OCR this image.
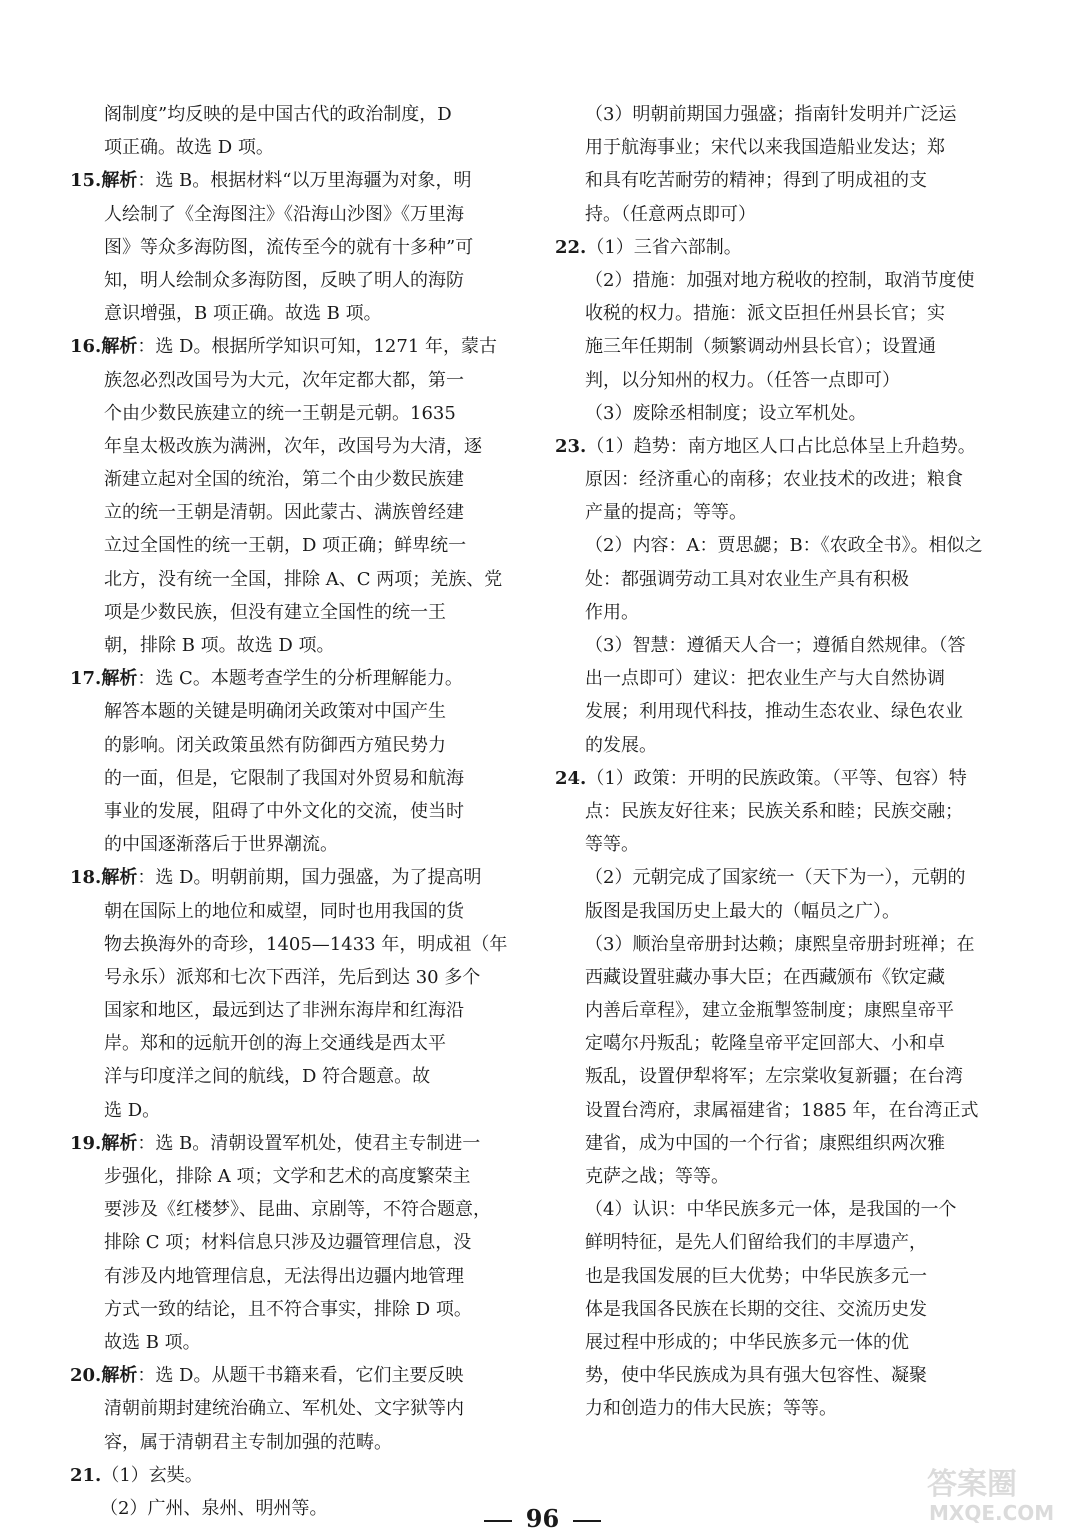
阁制度”均反映的是中国古代的政治制度，D
项正确。故选 D 项。
15.解析：选 B。根据材料“以万里海疆为对象，明
人绘制了《全海图注》《沿海山沙图》《万里海
图》等众多海防图，流传至今的就有十多种”可
知，明人绘制众多海防图，反映了明人的海防
意识增强，B 项正确。故选 B 项。
16.解析：选 D。根据所学知识可知，1271 年，蒙古
族忽必烈改国号为大元，次年定都大都，第一
个由少数民族建立的统一王朝是元朝。1635
年皇太极改族为满洲，次年，改国号为大清，逐
渐建立起对全国的统治，第二个由少数民族建
立的统一王朝是清朝。因此蒙古、满族曾经建
立过全国性的统一王朝，D 项正确；鲜卑统一
北方，没有统一全国，排除 A、C 两项；羌族、党
项是少数民族，但没有建立全国性的统一王
朝，排除 B 项。故选 D 项。
17.解析：选 C。本题考查学生的分析理解能力。
解答本题的关键是明确闭关政策对中国产生
的影响。闭关政策虽然有防御西方殖民势力
的一面，但是，它限制了我国对外贸易和航海
事业的发展，阻碍了中外文化的交流，使当时
的中国逐渐落后于世界潮流。
18.解析：选 D。明朝前期，国力强盛，为了提高明
朝在国际上的地位和威望，同时也用我国的货
物去换海外的奇珍，1405—1433 年，明成祖（年
号永乐）派郑和七次下西洋，先后到达 30 多个
国家和地区，最远到达了非洲东海岸和红海沿
岸。郑和的远航开创的海上交通线是西太平
洋与印度洋之间的航线，D 符合题意。故
选 D。
19.解析：选 B。清朝设置军机处，使君主专制进一
步强化，排除 A 项；文学和艺术的高度繁荣主
要涉及《红楼梦》、昆曲、京剧等，不符合题意，
排除 C 项；材料信息只涉及边疆管理信息，没
有涉及内地管理信息，无法得出边疆内地管理
方式一致的结论，且不符合事实，排除 D 项。
故选 B 项。
20.解析：选 D。从题干书籍来看，它们主要反映
清朝前期封建统治确立、军机处、文字狱等内
容，属于清朝君主专制加强的范畴。
21.（1）玄奘。
（2）广州、泉州、明州等。
（3）明朝前期国力强盛；指南针发明并广泛运
用于航海事业；宋代以来我国造船业发达；郑
和具有吃苦耐劳的精神；得到了明成祖的支
持。（任意两点即可）
22.（1）三省六部制。
（2）措施：加强对地方税收的控制，取消节度使
收税的权力。措施：派文臣担任州县长官；实
施三年任期制（频繁调动州县长官）；设置通
判，以分知州的权力。（任答一点即可）
（3）废除丞相制度；设立军机处。
23.（1）趋势：南方地区人口占比总体呈上升趋势。
原因：经济重心的南移；农业技术的改进；粮食
产量的提高；等等。
（2）内容：A：贾思勰；B：《农政全书》。相似之
处：都强调劳动工具对农业生产具有积极
作用。
（3）智慧：遵循天人合一；遵循自然规律。（答
出一点即可）建议：把农业生产与大自然协调
发展；利用现代科技，推动生态农业、绿色农业
的发展。
24.（1）政策：开明的民族政策。（平等、包容）特
点：民族友好往来；民族关系和睦；民族交融；
等等。
（2）元朝完成了国家统一（天下为一），元朝的
版图是我国历史上最大的（幅员之广）。
（3）顺治皇帝册封达赖；康熙皇帝册封班禅；在
西藏设置驻藏办事大臣；在西藏颁布《钦定藏
内善后章程》，建立金瓶掣签制度；康熙皇帝平
定噶尔丹叛乱；乾隆皇帝平定回部大、小和卓
叛乱，设置伊犁将军；左宗棠收复新疆；在台湾
设置台湾府，隶属福建省；1885 年，在台湾正式
建省，成为中国的一个行省；康熙组织两次雅
克萨之战；等等。
（4）认识：中华民族多元一体，是我国的一个
鲜明特征，是先人们留给我们的丰厚遗产，
也是我国发展的巨大优势；中华民族多元一
体是我国各民族在长期的交往、交流历史发
展过程中形成的；中华民族多元一体的优
势，使中华民族成为具有强大包容性、凝聚
力和创造力的伟大民族；等等。
96
答案圈
MXQE.COM
